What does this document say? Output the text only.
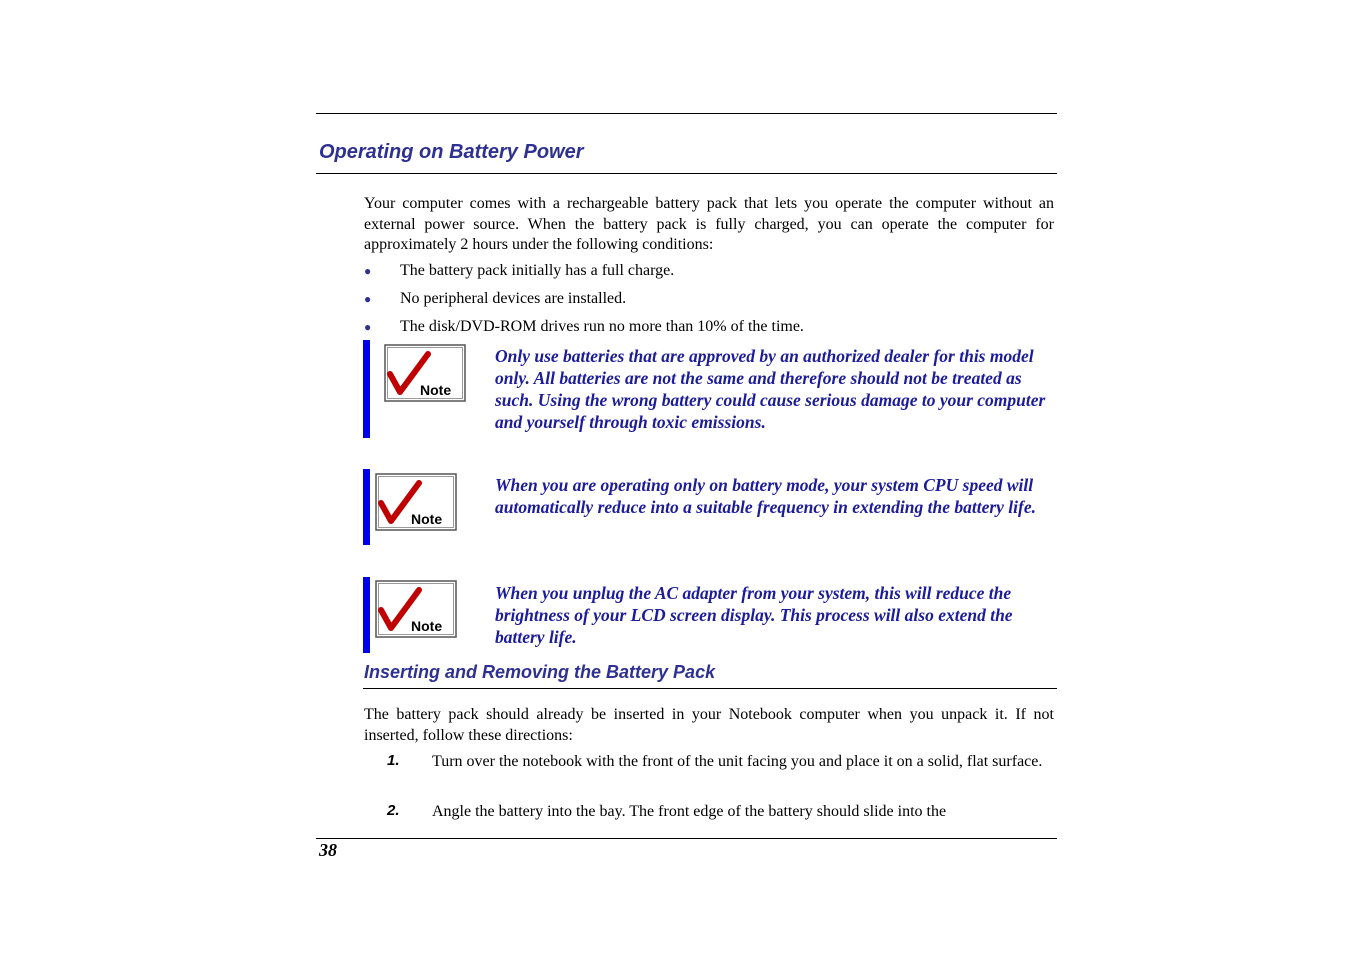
Operating on Battery Power
Your computer comes with a rechargeable battery pack that lets you operate the computer without an external power source. When the battery pack is fully charged, you can operate the computer for approximately 2 hours under the following conditions:
● The battery pack initially has a full charge.
● No peripheral devices are installed.
● The disk/DVD-ROM drives run no more than 10% of the time.
Note
Only use batteries that are approved by an authorized dealer for this model only. All batteries are not the same and therefore should not be treated as such. Using the wrong battery could cause serious damage to your computer and yourself through toxic emissions.
Note
When you are operating only on battery mode, your system CPU speed will automatically reduce into a suitable frequency in extending the battery life.
Note
When you unplug the AC adapter from your system, this will reduce the brightness of your LCD screen display. This process will also extend the battery life.
Inserting and Removing the Battery Pack
The battery pack should already be inserted in your Notebook computer when you unpack it. If not inserted, follow these directions:
1. Turn over the notebook with the front of the unit facing you and place it on a solid, flat surface.
2. Angle the battery into the bay. The front edge of the battery should slide into the
38
